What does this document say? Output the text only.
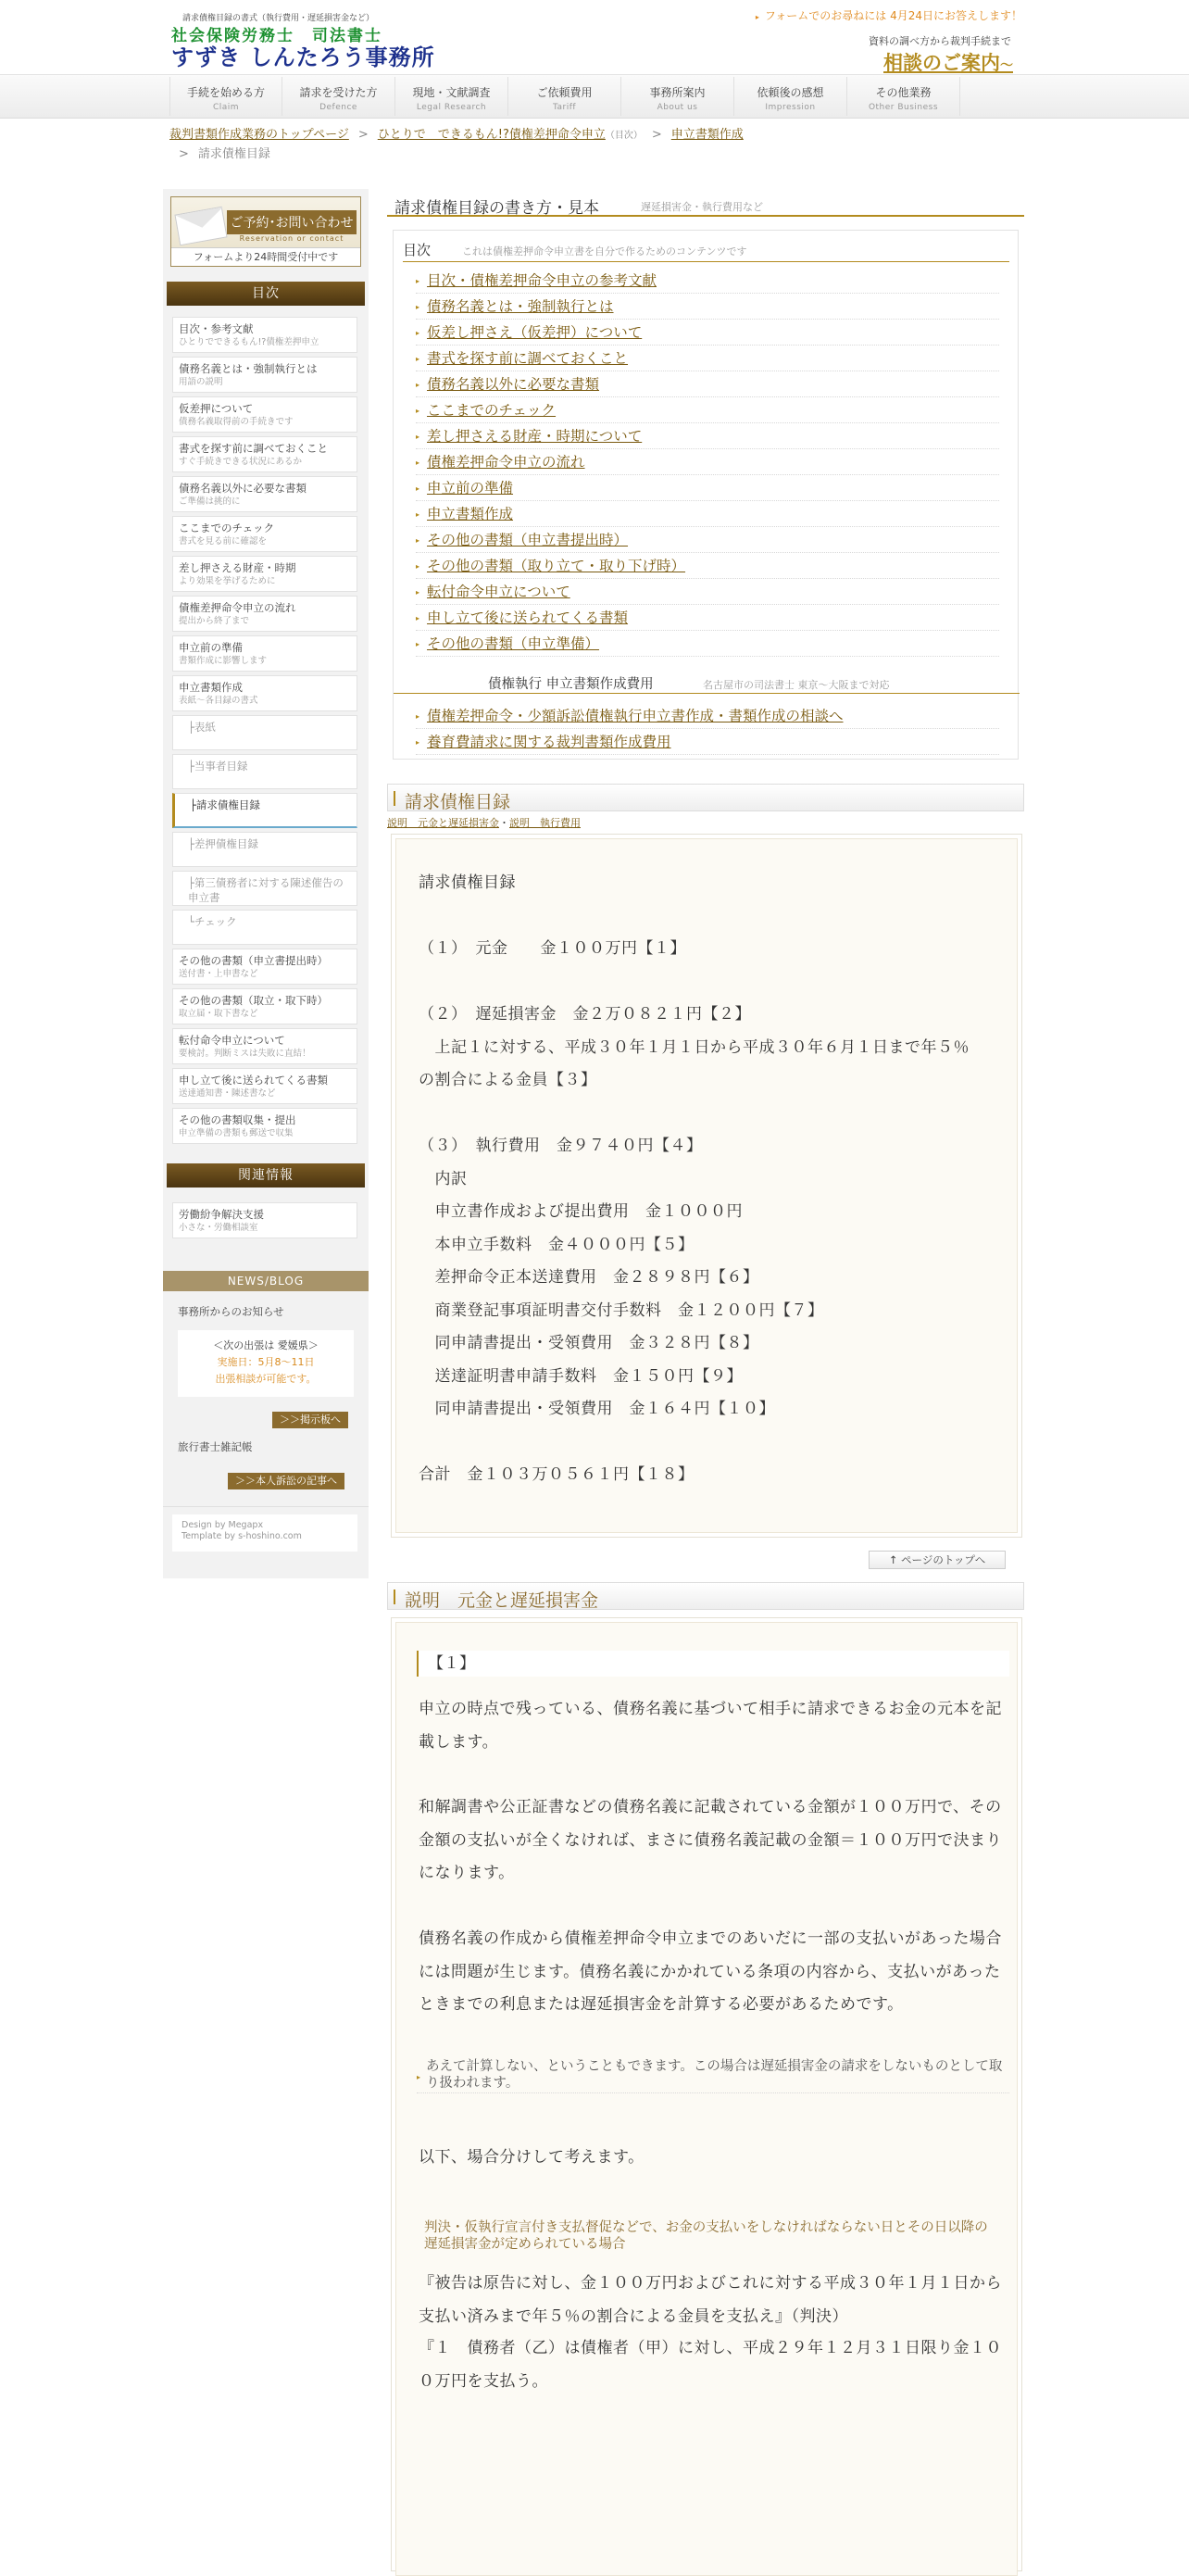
請求債権目録の書式（執行費用・遅延損害金など）
社会保険労務士　司法書士
すずき しんたろう事務所
▸ フォームでのお尋ねには 4月24日にお答えします！
資料の調べ方から裁判手続まで
相談のご案内〜
手続を始める方
Claim
請求を受けた方
Defence
現地・文献調査
Legal Research
ご依頼費用
Tariff
事務所案内
About us
依頼後の感想
Impression
その他業務
Other Business
裁判書類作成業務のトップページ > ひとりで　できるもん!?債権差押命令申立（目次） > 申立書類作成> 請求債権目録
ご予約･お問い合わせ
Reservation or contact
フォームより24時間受付中です
目次
目次・参考文献
ひとりでできるもん!?債権差押申立
債務名義とは・強制執行とは
用語の説明
仮差押について
債務名義取得前の手続きです
書式を探す前に調べておくこと
すぐ手続きできる状況にあるか
債務名義以外に必要な書類
ご準備は挑的に
ここまでのチェック
書式を見る前に確認を
差し押さえる財産・時期
より効果を挙げるために
債権差押命令申立の流れ
提出から終了まで
申立前の準備
書類作成に影響します
申立書類作成
表紙～各目録の書式
├表紙
├当事者目録
├請求債権目録
├差押債権目録
├第三債務者に対する陳述催告の申立書
└チェック
その他の書類（申立書提出時）
送付書・上申書など
その他の書類（取立・取下時）
取立届・取下書など
転付命令申立について
要検討。判断ミスは失敗に直結！
申し立て後に送られてくる書類
送達通知書・陳述書など
その他の書類収集・提出
申立準備の書類も郵送で収集
関連情報
労働紛争解決支援
小さな・労働相談室
NEWS/BLOG
事務所からのお知らせ
＜次の出張は 愛媛県＞
実施日：5月8～11日
出張相談が可能です。
＞＞掲示板へ
旅行書士雑記帳
＞＞本人訴訟の記事へ
Design by Megapx
Template by s-hoshino.com
請求債権目録の書き方・見本	遅延損害金・執行費用など
目次	これは債権差押命令申立書を自分で作るためのコンテンツです
▸ 目次・債権差押命令申立の参考文献
▸ 債務名義とは・強制執行とは
▸ 仮差し押さえ（仮差押）について
▸ 書式を探す前に調べておくこと
▸ 債務名義以外に必要な書類
▸ ここまでのチェック
▸ 差し押さえる財産・時期について
▸ 債権差押命令申立の流れ
▸ 申立前の準備
▸ 申立書類作成
▸ その他の書類（申立書提出時）
▸ その他の書類（取り立て・取り下げ時）
▸ 転付命令申立について
▸ 申し立て後に送られてくる書類
▸ その他の書類（申立準備）
債権執行 申立書類作成費用	名古屋市の司法書士 東京～大阪まで対応
▸ 債権差押命令・少額訴訟債権執行申立書作成・書類作成の相談へ
▸ 養育費請求に関する裁判書類作成費用
請求債権目録
説明　元金と遅延損害金・説明　執行費用
請求債権目録
（１）　元金　　金１００万円【１】
（２）　遅延損害金　金２万０８２１円【２】
　上記１に対する、平成３０年１月１日から平成３０年６月１日まで年５％
の割合による金員【３】
（３）　執行費用　金９７４０円【４】
　内訳
　申立書作成および提出費用　金１０００円
　本申立手数料　金４０００円【５】
　差押命令正本送達費用　金２８９８円【６】
　商業登記事項証明書交付手数料　金１２００円【７】
　同申請書提出・受領費用　金３２８円【８】
　送達証明書申請手数料　金１５０円【９】
　同申請書提出・受領費用　金１６４円【１０】
合計　金１０３万０５６１円【１８】
↑ ページのトップへ
説明　元金と遅延損害金
【１】
申立の時点で残っている、債務名義に基づいて相手に請求できるお金の元本を記載します。
和解調書や公正証書などの債務名義に記載されている金額が１００万円で、その金額の支払いが全くなければ、まさに債務名義記載の金額＝１００万円で決まりになります。
債務名義の作成から債権差押命令申立までのあいだに一部の支払いがあった場合には問題が生じます。債務名義にかかれている条項の内容から、支払いがあったときまでの利息または遅延損害金を計算する必要があるためです。
▸
あえて計算しない、ということもできます。この場合は遅延損害金の請求をしないものとして取り扱われます。
以下、場合分けして考えます。
判決・仮執行宣言付き支払督促などで、お金の支払いをしなければならない日とその日以降の遅延損害金が定められている場合
『被告は原告に対し、金１００万円およびこれに対する平成３０年１月１日から支払い済みまで年５％の割合による金員を支払え』（判決）
『１　債務者（乙）は債権者（甲）に対し、平成２９年１２月３１日限り金１００万円を支払う。
